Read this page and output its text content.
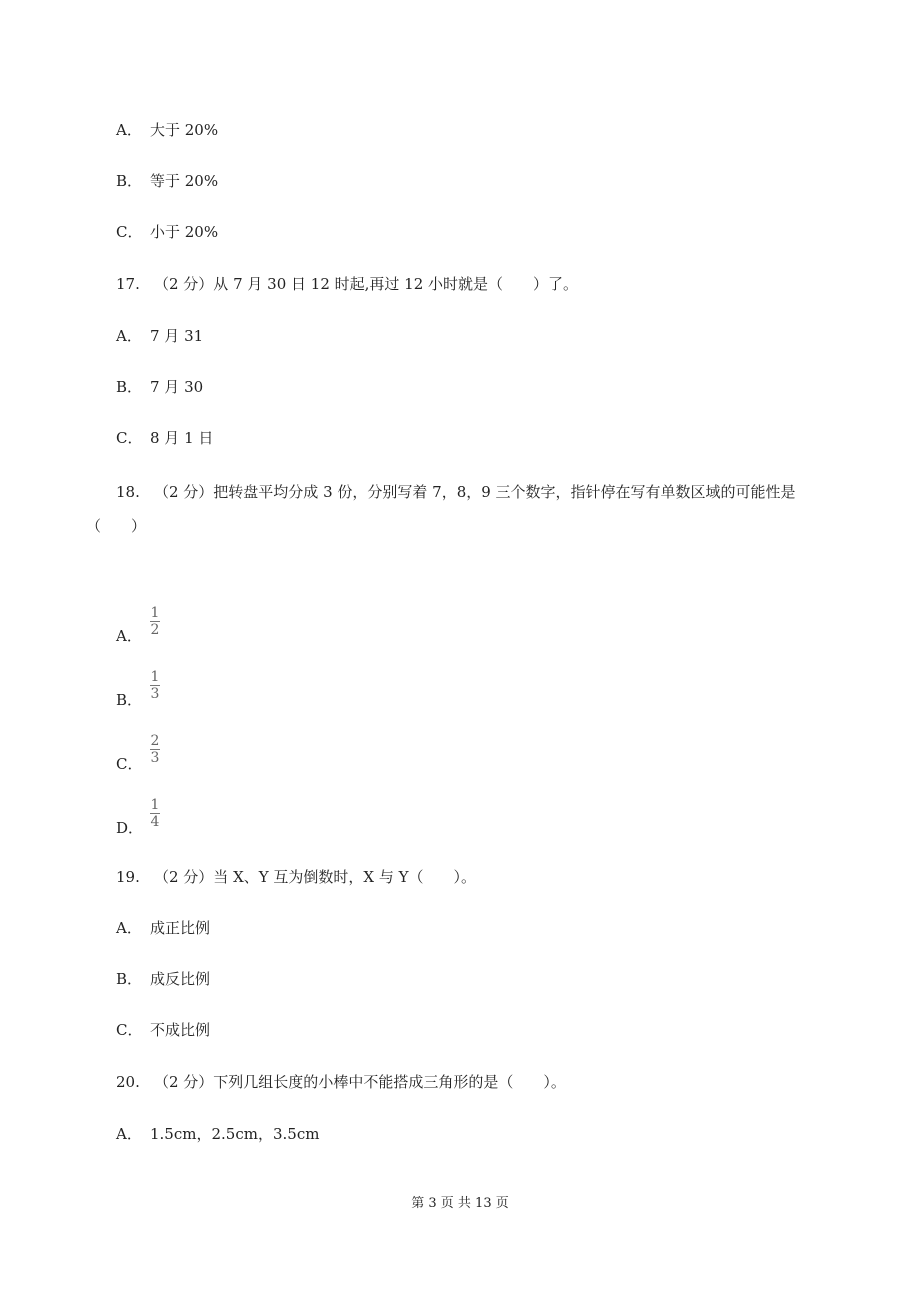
A． 大于 20%
B． 等于 20%
C． 小于 20%
17. （2 分）从 7 月 30 日 12 时起,再过 12 小时就是（　　）了。
A． 7 月 31
B． 7 月 30
C． 8 月 1 日
18. （2 分）把转盘平均分成 3 份，分别写着 7，8，9 三个数字，指针停在写有单数区域的可能性是
（　　）
A．
1
2
B．
1
3
C．
2
3
D．
1
4
19. （2 分）当 X、Y 互为倒数时，X 与 Y（　　）。
A． 成正比例
B． 成反比例
C． 不成比例
20. （2 分）下列几组长度的小棒中不能搭成三角形的是（　　）。
A． 1.5cm，2.5cm，3.5cm
第 3 页 共 13 页
